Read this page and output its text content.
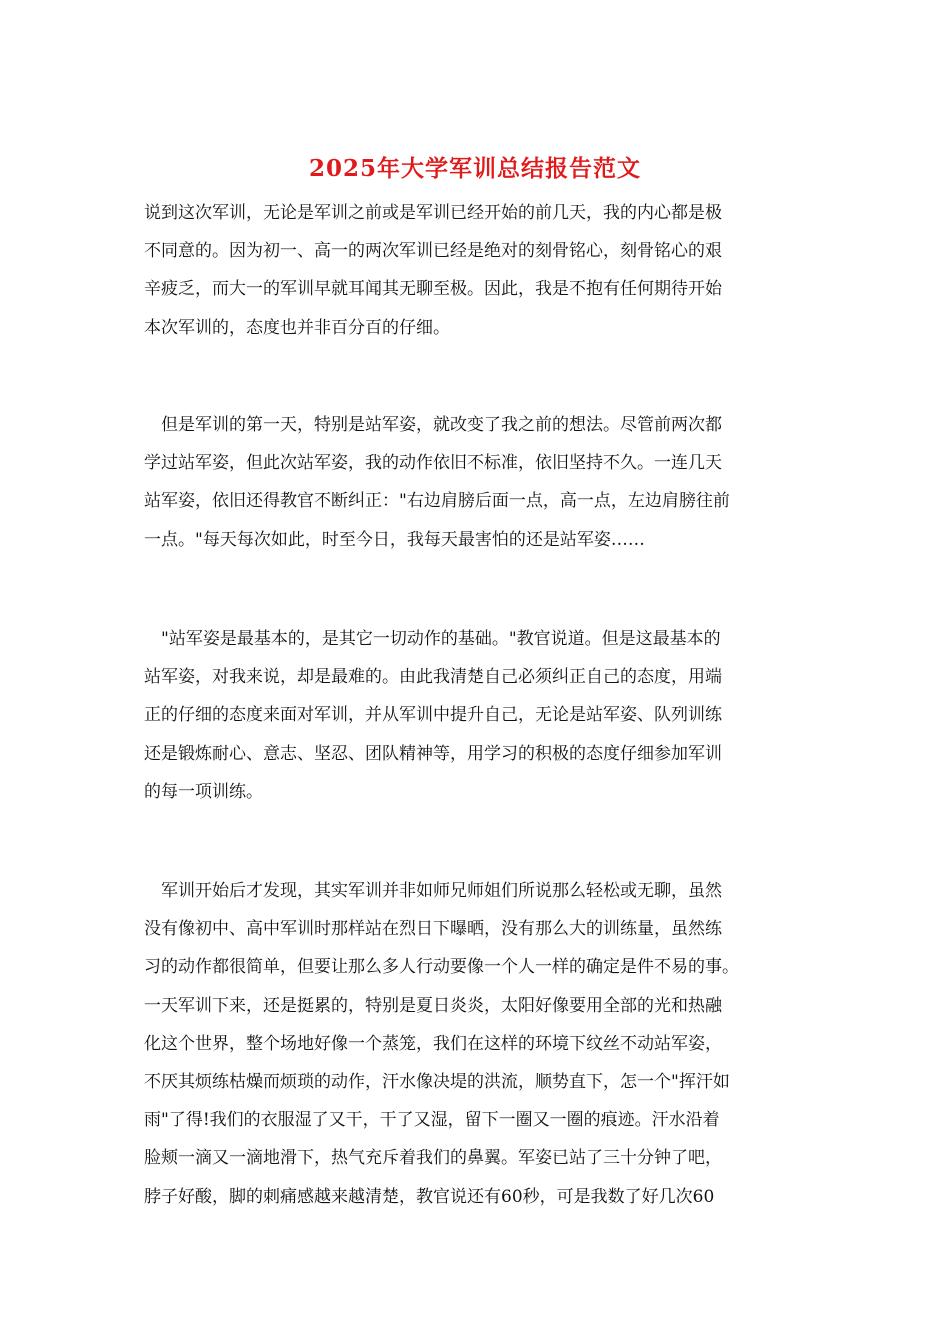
2025年大学军训总结报告范文

说到这次军训，无论是军训之前或是军训已经开始的前几天，我的内心都是极
不同意的。因为初一、高一的两次军训已经是绝对的刻骨铭心，刻骨铭心的艰
辛疲乏，而大一的军训早就耳闻其无聊至极。因此，我是不抱有任何期待开始
本次军训的，态度也并非百分百的仔细。

　但是军训的第一天，特别是站军姿，就改变了我之前的想法。尽管前两次都
学过站军姿，但此次站军姿，我的动作依旧不标准，依旧坚持不久。一连几天
站军姿，依旧还得教官不断纠正："右边肩膀后面一点，高一点，左边肩膀往前
一点。"每天每次如此，时至今日，我每天最害怕的还是站军姿……

　"站军姿是最基本的，是其它一切动作的基础。"教官说道。但是这最基本的
站军姿，对我来说，却是最难的。由此我清楚自己必须纠正自己的态度，用端
正的仔细的态度来面对军训，并从军训中提升自己，无论是站军姿、队列训练
还是锻炼耐心、意志、坚忍、团队精神等，用学习的积极的态度仔细参加军训
的每一项训练。

　军训开始后才发现，其实军训并非如师兄师姐们所说那么轻松或无聊，虽然
没有像初中、高中军训时那样站在烈日下曝晒，没有那么大的训练量，虽然练
习的动作都很简单，但要让那么多人行动要像一个人一样的确定是件不易的事。
一天军训下来，还是挺累的，特别是夏日炎炎，太阳好像要用全部的光和热融
化这个世界，整个场地好像一个蒸笼，我们在这样的环境下纹丝不动站军姿，
不厌其烦练枯燥而烦琐的动作，汗水像决堤的洪流，顺势直下，怎一个"挥汗如
雨"了得!我们的衣服湿了又干，干了又湿，留下一圈又一圈的痕迹。汗水沿着
脸颊一滴又一滴地滑下，热气充斥着我们的鼻翼。军姿已站了三十分钟了吧，
脖子好酸，脚的刺痛感越来越清楚，教官说还有60秒，可是我数了好几次60
